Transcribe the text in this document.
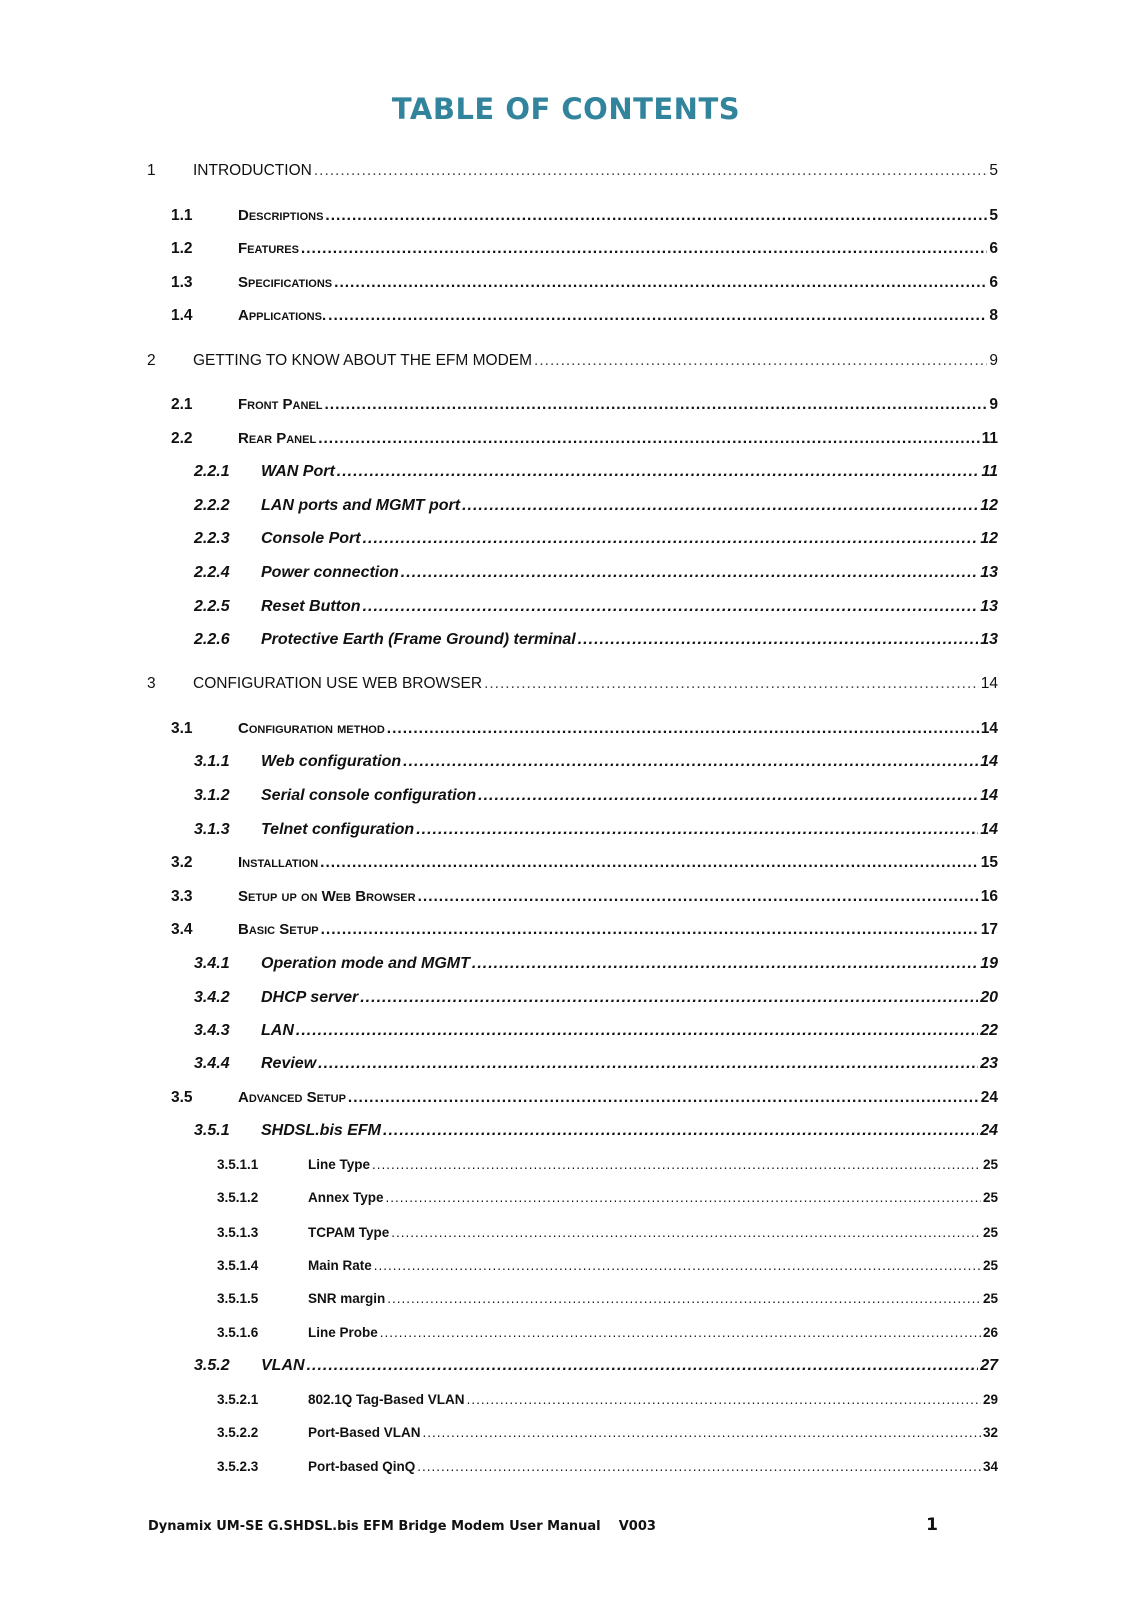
TABLE OF CONTENTS
1	INTRODUCTION .....	5
1.1	Descriptions .....	5
1.2	Features .....	6
1.3	Specifications .....	6
1.4	Applications. .....	8
2	GETTING TO KNOW ABOUT THE EFM MODEM .....	9
2.1	Front Panel .....	9
2.2	Rear Panel .....	11
2.2.1	WAN Port .....	11
2.2.2	LAN ports and MGMT port .....	12
2.2.3	Console Port .....	12
2.2.4	Power connection .....	13
2.2.5	Reset Button .....	13
2.2.6	Protective Earth (Frame Ground) terminal .....	13
3	CONFIGURATION USE WEB BROWSER .....	14
3.1	Configuration method .....	14
3.1.1	Web configuration .....	14
3.1.2	Serial console configuration .....	14
3.1.3	Telnet configuration .....	14
3.2	Installation .....	15
3.3	Setup up on Web Browser .....	16
3.4	Basic Setup .....	17
3.4.1	Operation mode and MGMT .....	19
3.4.2	DHCP server .....	20
3.4.3	LAN .....	22
3.4.4	Review .....	23
3.5	Advanced Setup .....	24
3.5.1	SHDSL.bis EFM .....	24
3.5.1.1	Line Type .....	25
3.5.1.2	Annex Type .....	25
3.5.1.3	TCPAM Type .....	25
3.5.1.4	Main Rate .....	25
3.5.1.5	SNR margin .....	25
3.5.1.6	Line Probe .....	26
3.5.2	VLAN .....	27
3.5.2.1	802.1Q Tag-Based VLAN .....	29
3.5.2.2	Port-Based VLAN .....	32
3.5.2.3	Port-based QinQ .....	34
Dynamix UM-SE G.SHDSL.bis EFM Bridge Modem User Manual    V003	1
